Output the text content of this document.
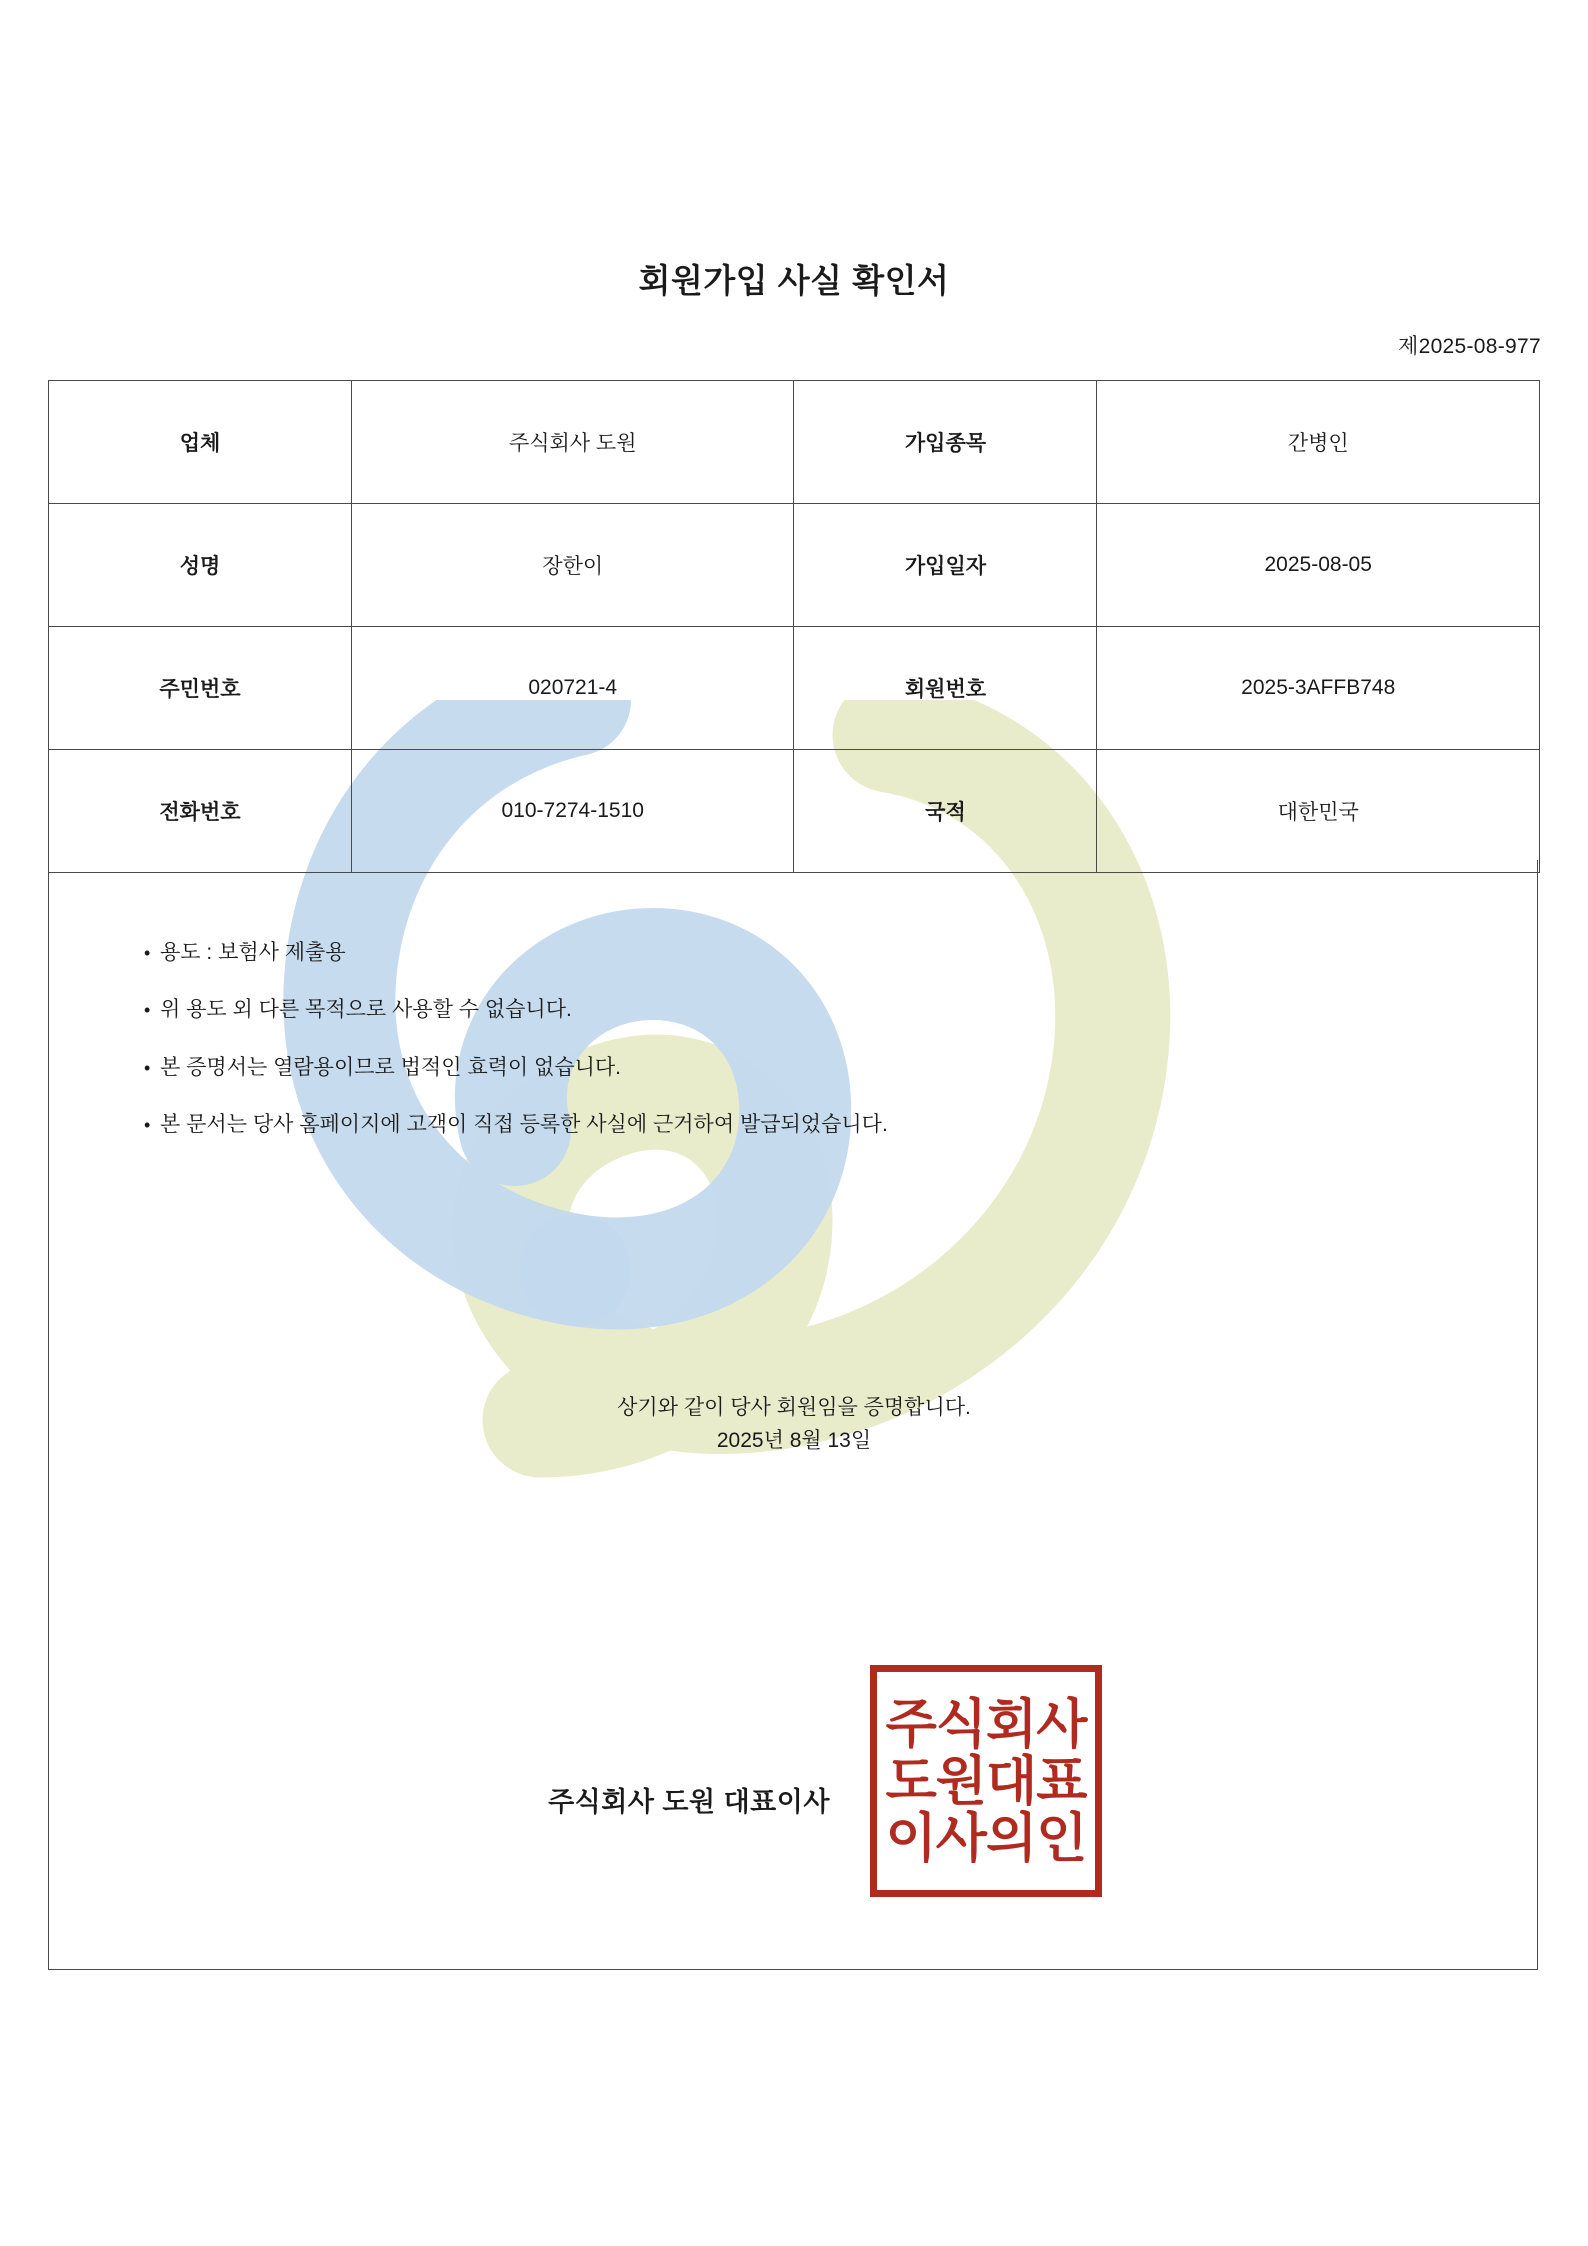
회원가입 사실 확인서
제2025-08-977
업체	주식회사 도원	가입종목	간병인
성명	장한이	가입일자	2025-08-05
주민번호	020721-4	회원번호	2025-3AFFB748
전화번호	010-7274-1510	국적	대한민국
• 용도 : 보험사 제출용
• 위 용도 외 다른 목적으로 사용할 수 없습니다.
• 본 증명서는 열람용이므로 법적인 효력이 없습니다.
• 본 문서는 당사 홈페이지에 고객이 직접 등록한 사실에 근거하여 발급되었습니다.
상기와 같이 당사 회원임을 증명합니다.
2025년 8월 13일
주식회사 도원 대표이사
주식회사
도원대표
이사의인
